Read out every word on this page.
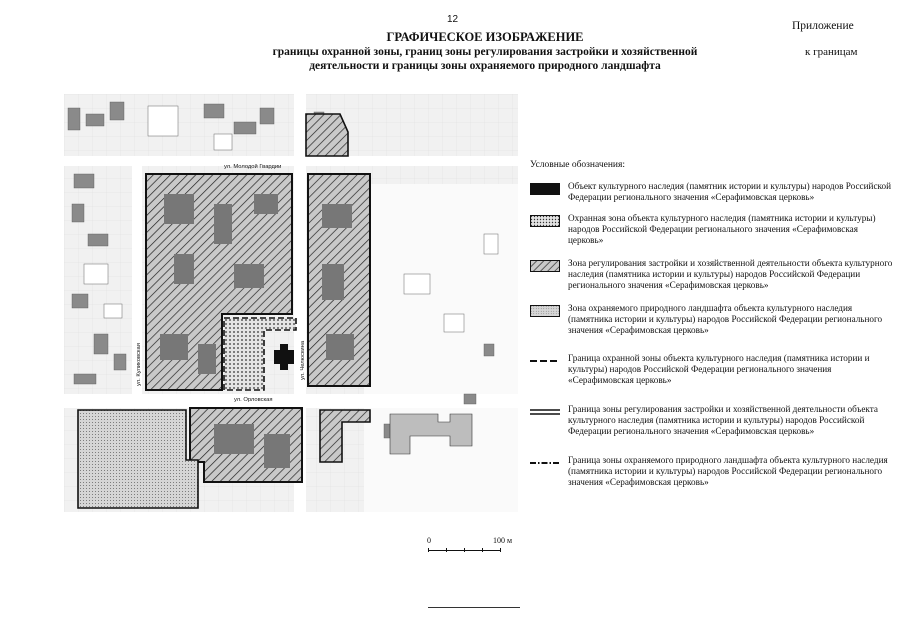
12
Приложение
к границам
ГРАФИЧЕСКОЕ ИЗОБРАЖЕНИЕ
границы охранной зоны, границ зоны регулирования застройки и хозяйственной
деятельности и границы зоны охраняемого природного ландшафта
ул. Молодой Гвардии
ул. Орловская
ул. Куликовская	ул. Челюскина
Условные обозначения:
Объект культурного наследия (памятник истории и культуры) народов Российской Федерации регионального значения «Серафимовская церковь»
Охранная зона объекта культурного наследия (памятника истории и культуры) народов Российской Федерации регионального значения «Серафимовская церковь»
Зона регулирования застройки и хозяйственной деятельности объекта культурного наследия (памятника истории и культуры) народов Российской Федерации регионального значения «Серафимовская церковь»
Зона охраняемого природного ландшафта объекта культурного наследия (памятника истории и культуры) народов Российской Федерации регионального значения «Серафимовская церковь»
Граница охранной зоны объекта культурного наследия (памятника истории и культуры) народов Российской Федерации регионального значения «Серафимовская церковь»
Граница зоны регулирования застройки и хозяйственной деятельности объекта культурного наследия (памятника истории и культуры) народов Российской Федерации регионального значения «Серафимовская церковь»
Граница зоны охраняемого природного ландшафта объекта культурного наследия (памятника истории и культуры) народов Российской Федерации регионального значения «Серафимовская церковь»
0	100 м
